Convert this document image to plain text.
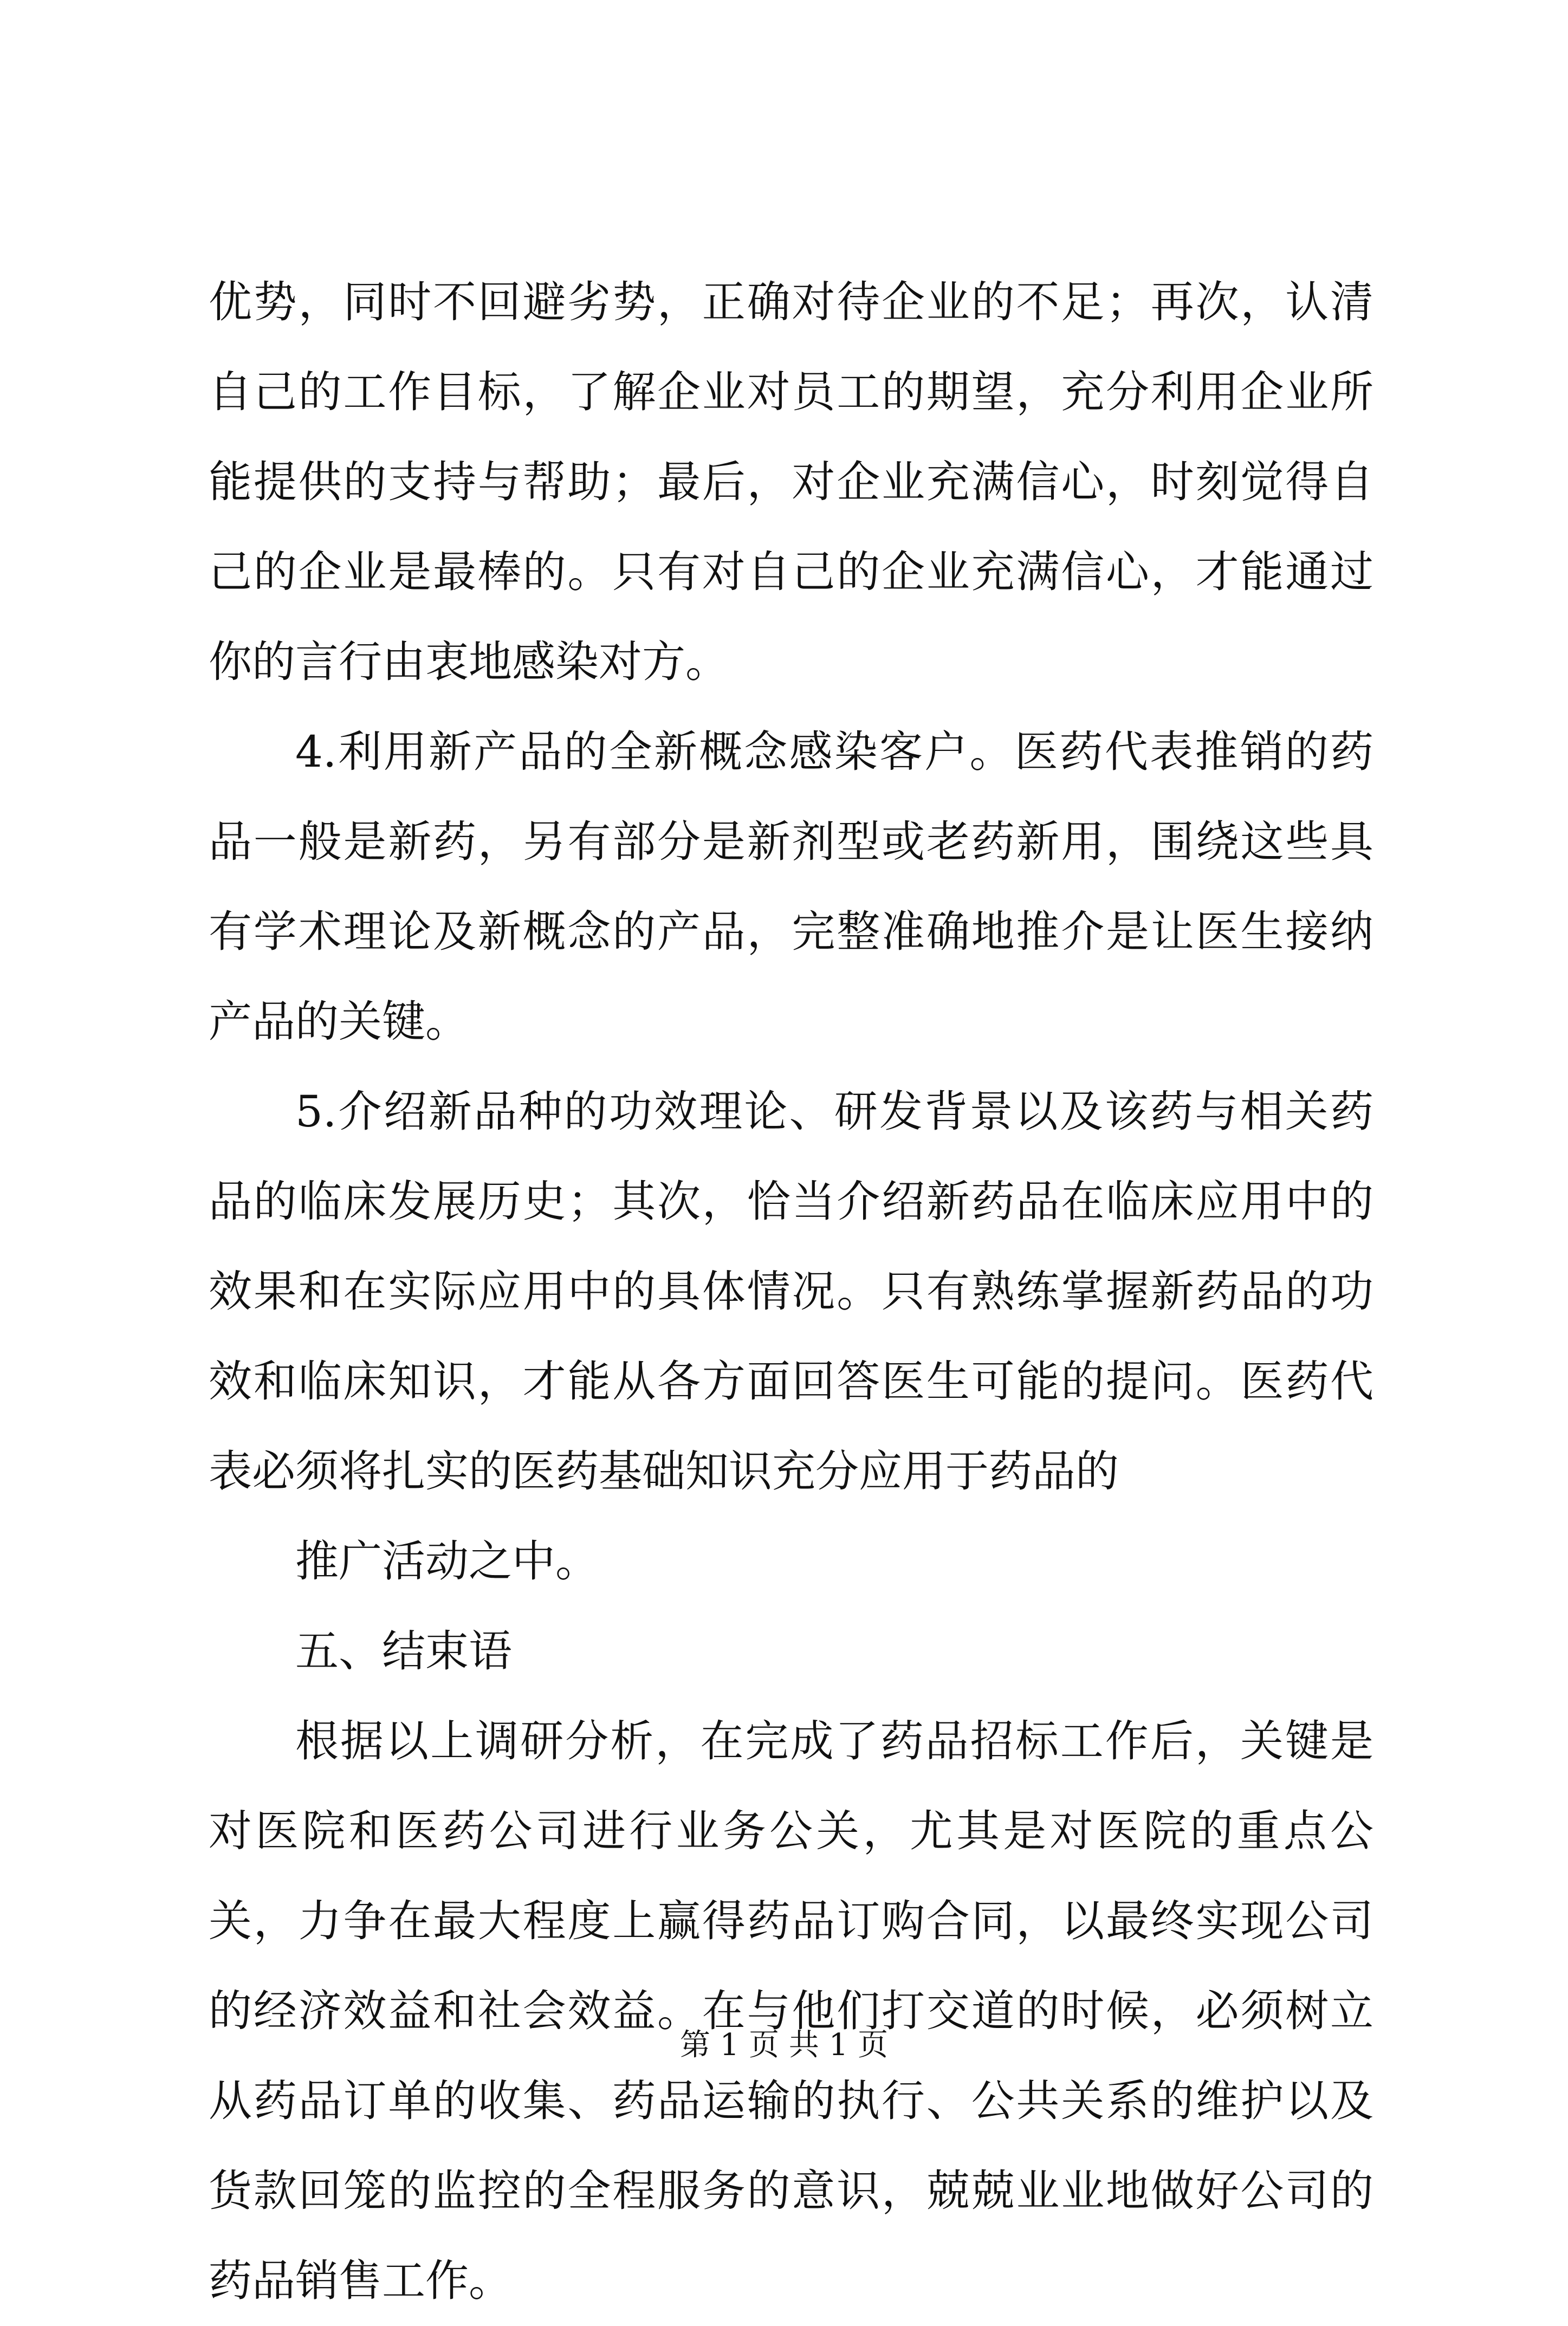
优势，同时不回避劣势，正确对待企业的不足；再次，认清自己的工作目标，了解企业对员工的期望，充分利用企业所能提供的支持与帮助；最后，对企业充满信心，时刻觉得自己的企业是最棒的。只有对自己的企业充满信心，才能通过你的言行由衷地感染对方。

4.利用新产品的全新概念感染客户。医药代表推销的药品一般是新药，另有部分是新剂型或老药新用，围绕这些具有学术理论及新概念的产品，完整准确地推介是让医生接纳产品的关键。

5.介绍新品种的功效理论、研发背景以及该药与相关药品的临床发展历史；其次，恰当介绍新药品在临床应用中的效果和在实际应用中的具体情况。只有熟练掌握新药品的功效和临床知识，才能从各方面回答医生可能的提问。医药代表必须将扎实的医药基础知识充分应用于药品的

推广活动之中。

五、结束语

根据以上调研分析，在完成了药品招标工作后，关键是对医院和医药公司进行业务公关，尤其是对医院的重点公关，力争在最大程度上赢得药品订购合同，以最终实现公司的经济效益和社会效益。在与他们打交道的时候，必须树立从药品订单的收集、药品运输的执行、公共关系的维护以及货款回笼的监控的全程服务的意识，兢兢业业地做好公司的药品销售工作。

第 1 页 共 1 页
